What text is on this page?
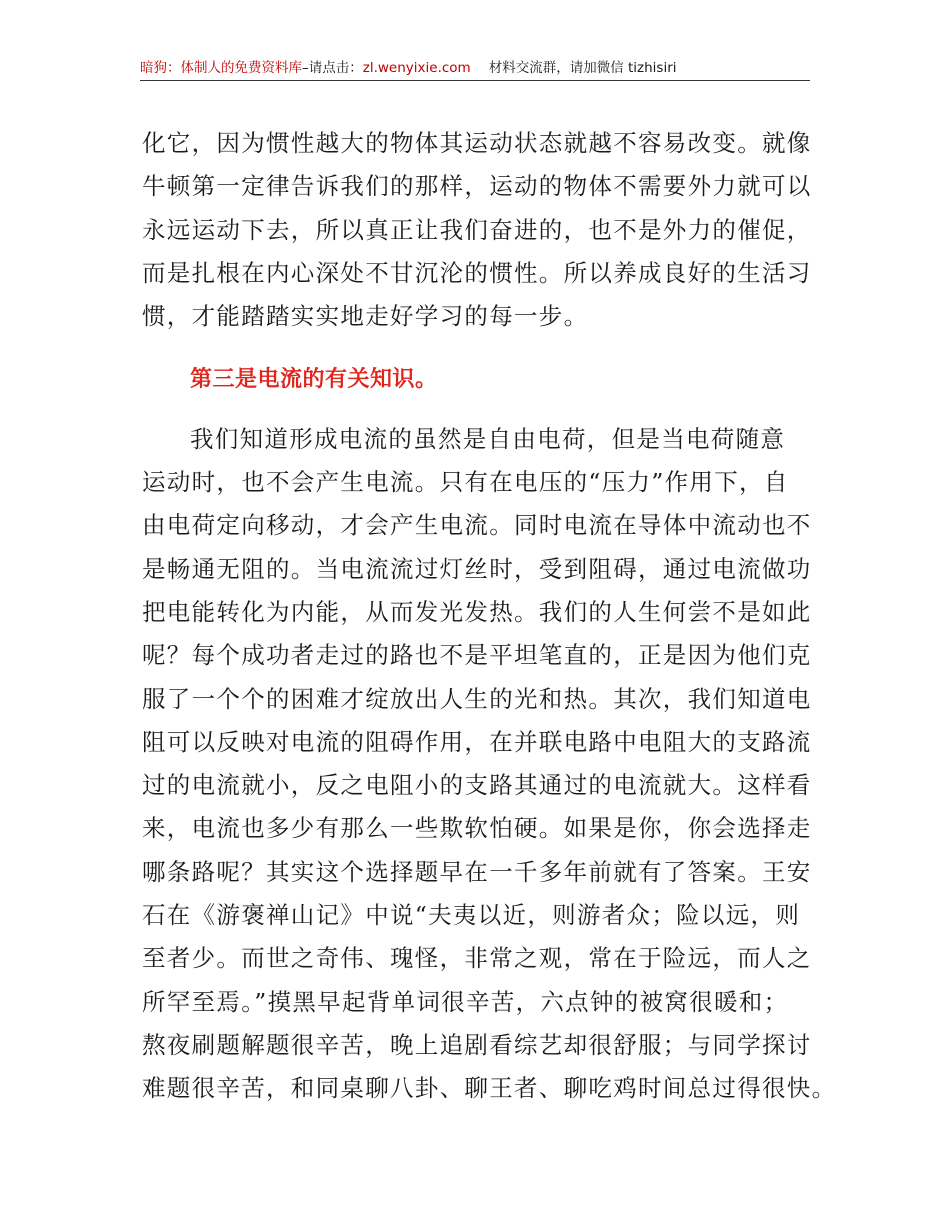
暗狗：体制人的免费资料库–请点击：zl.wenyixie.com 材料交流群，请加微信 tizhisiri

化它，因为惯性越大的物体其运动状态就越不容易改变。就像
牛顿第一定律告诉我们的那样，运动的物体不需要外力就可以
永远运动下去，所以真正让我们奋进的，也不是外力的催促，
而是扎根在内心深处不甘沉沦的惯性。所以养成良好的生活习
惯，才能踏踏实实地走好学习的每一步。

第三是电流的有关知识。

我们知道形成电流的虽然是自由电荷，但是当电荷随意
运动时，也不会产生电流。只有在电压的“压力”作用下，自
由电荷定向移动，才会产生电流。同时电流在导体中流动也不
是畅通无阻的。当电流流过灯丝时，受到阻碍，通过电流做功
把电能转化为内能，从而发光发热。我们的人生何尝不是如此
呢？每个成功者走过的路也不是平坦笔直的，正是因为他们克
服了一个个的困难才绽放出人生的光和热。其次，我们知道电
阻可以反映对电流的阻碍作用，在并联电路中电阻大的支路流
过的电流就小，反之电阻小的支路其通过的电流就大。这样看
来，电流也多少有那么一些欺软怕硬。如果是你，你会选择走
哪条路呢？其实这个选择题早在一千多年前就有了答案。王安
石在《游褒禅山记》中说“夫夷以近，则游者众；险以远，则
至者少。而世之奇伟、瑰怪，非常之观，常在于险远，而人之
所罕至焉。”摸黑早起背单词很辛苦，六点钟的被窝很暖和；
熬夜刷题解题很辛苦，晚上追剧看综艺却很舒服；与同学探讨
难题很辛苦，和同桌聊八卦、聊王者、聊吃鸡时间总过得很快。
